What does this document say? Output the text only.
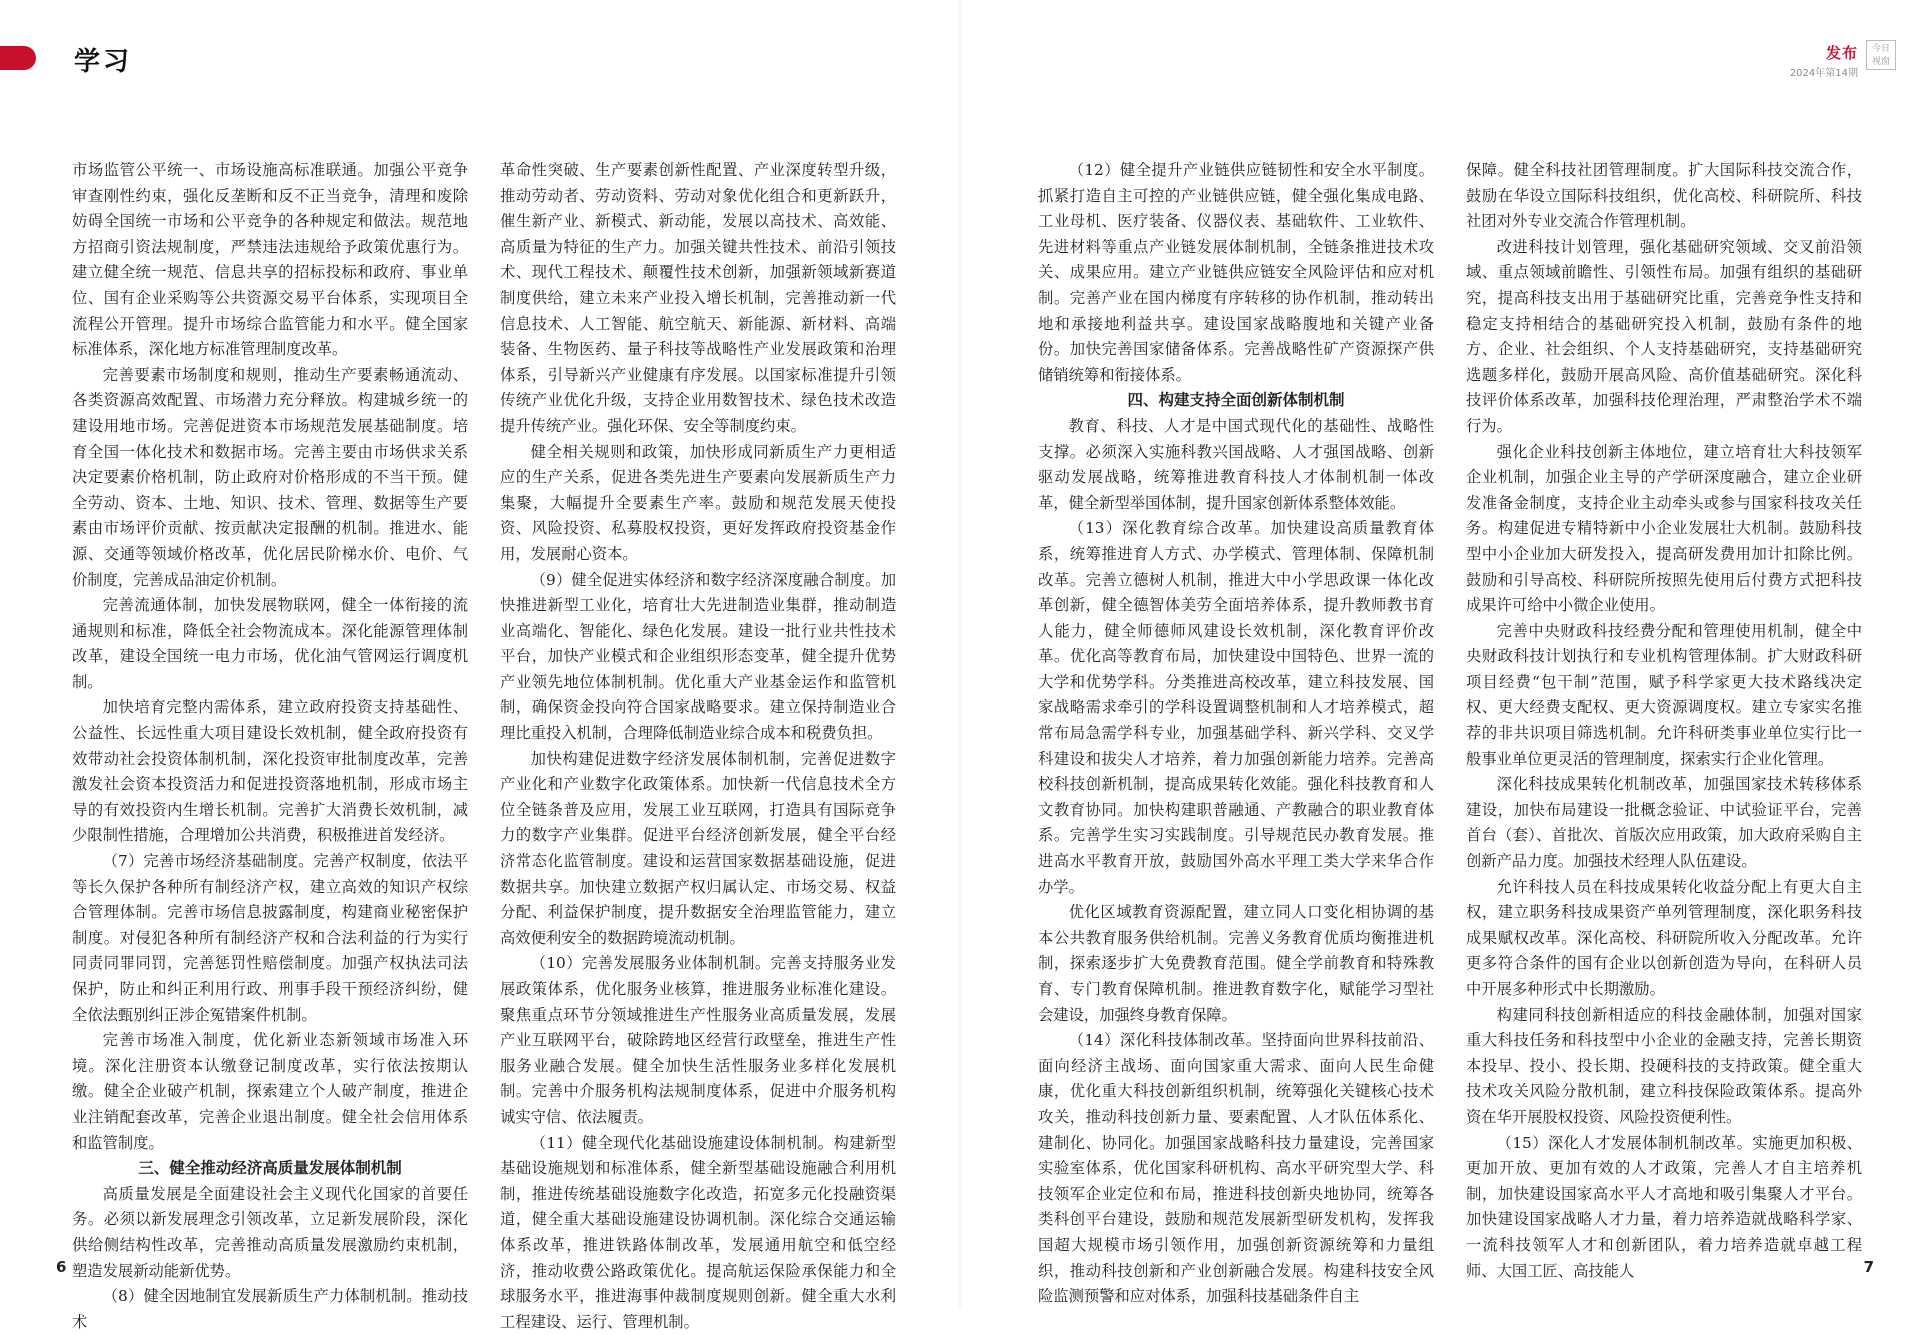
学习	发布
2024年第14期
今日 视窗

市场监管公平统一、市场设施高标准联通。加强公平竞争审查刚性约束，强化反垄断和反不正当竞争，清理和废除妨碍全国统一市场和公平竞争的各种规定和做法。规范地方招商引资法规制度，严禁违法违规给予政策优惠行为。建立健全统一规范、信息共享的招标投标和政府、事业单位、国有企业采购等公共资源交易平台体系，实现项目全流程公开管理。提升市场综合监管能力和水平。健全国家标准体系，深化地方标准管理制度改革。

完善要素市场制度和规则，推动生产要素畅通流动、各类资源高效配置、市场潜力充分释放。构建城乡统一的建设用地市场。完善促进资本市场规范发展基础制度。培育全国一体化技术和数据市场。完善主要由市场供求关系决定要素价格机制，防止政府对价格形成的不当干预。健全劳动、资本、土地、知识、技术、管理、数据等生产要素由市场评价贡献、按贡献决定报酬的机制。推进水、能源、交通等领域价格改革，优化居民阶梯水价、电价、气价制度，完善成品油定价机制。

完善流通体制，加快发展物联网，健全一体衔接的流通规则和标准，降低全社会物流成本。深化能源管理体制改革，建设全国统一电力市场，优化油气管网运行调度机制。

加快培育完整内需体系，建立政府投资支持基础性、公益性、长远性重大项目建设长效机制，健全政府投资有效带动社会投资体制机制，深化投资审批制度改革，完善激发社会资本投资活力和促进投资落地机制，形成市场主导的有效投资内生增长机制。完善扩大消费长效机制，减少限制性措施，合理增加公共消费，积极推进首发经济。

（7）完善市场经济基础制度。完善产权制度，依法平等长久保护各种所有制经济产权，建立高效的知识产权综合管理体制。完善市场信息披露制度，构建商业秘密保护制度。对侵犯各种所有制经济产权和合法利益的行为实行同责同罪同罚，完善惩罚性赔偿制度。加强产权执法司法保护，防止和纠正利用行政、刑事手段干预经济纠纷，健全依法甄别纠正涉企冤错案件机制。

完善市场准入制度，优化新业态新领域市场准入环境。深化注册资本认缴登记制度改革，实行依法按期认缴。健全企业破产机制，探索建立个人破产制度，推进企业注销配套改革，完善企业退出制度。健全社会信用体系和监管制度。

三、健全推动经济高质量发展体制机制

高质量发展是全面建设社会主义现代化国家的首要任务。必须以新发展理念引领改革，立足新发展阶段，深化供给侧结构性改革，完善推动高质量发展激励约束机制，塑造发展新动能新优势。

（8）健全因地制宜发展新质生产力体制机制。推动技术

革命性突破、生产要素创新性配置、产业深度转型升级，推动劳动者、劳动资料、劳动对象优化组合和更新跃升，催生新产业、新模式、新动能，发展以高技术、高效能、高质量为特征的生产力。加强关键共性技术、前沿引领技术、现代工程技术、颠覆性技术创新，加强新领域新赛道制度供给，建立未来产业投入增长机制，完善推动新一代信息技术、人工智能、航空航天、新能源、新材料、高端装备、生物医药、量子科技等战略性产业发展政策和治理体系，引导新兴产业健康有序发展。以国家标准提升引领传统产业优化升级，支持企业用数智技术、绿色技术改造提升传统产业。强化环保、安全等制度约束。

健全相关规则和政策，加快形成同新质生产力更相适应的生产关系，促进各类先进生产要素向发展新质生产力集聚，大幅提升全要素生产率。鼓励和规范发展天使投资、风险投资、私募股权投资，更好发挥政府投资基金作用，发展耐心资本。

（9）健全促进实体经济和数字经济深度融合制度。加快推进新型工业化，培育壮大先进制造业集群，推动制造业高端化、智能化、绿色化发展。建设一批行业共性技术平台，加快产业模式和企业组织形态变革，健全提升优势产业领先地位体制机制。优化重大产业基金运作和监管机制，确保资金投向符合国家战略要求。建立保持制造业合理比重投入机制，合理降低制造业综合成本和税费负担。

加快构建促进数字经济发展体制机制，完善促进数字产业化和产业数字化政策体系。加快新一代信息技术全方位全链条普及应用，发展工业互联网，打造具有国际竞争力的数字产业集群。促进平台经济创新发展，健全平台经济常态化监管制度。建设和运营国家数据基础设施，促进数据共享。加快建立数据产权归属认定、市场交易、权益分配、利益保护制度，提升数据安全治理监管能力，建立高效便利安全的数据跨境流动机制。

（10）完善发展服务业体制机制。完善支持服务业发展政策体系，优化服务业核算，推进服务业标准化建设。聚焦重点环节分领域推进生产性服务业高质量发展，发展产业互联网平台，破除跨地区经营行政壁垒，推进生产性服务业融合发展。健全加快生活性服务业多样化发展机制。完善中介服务机构法规制度体系，促进中介服务机构诚实守信、依法履责。

（11）健全现代化基础设施建设体制机制。构建新型基础设施规划和标准体系，健全新型基础设施融合利用机制，推进传统基础设施数字化改造，拓宽多元化投融资渠道，健全重大基础设施建设协调机制。深化综合交通运输体系改革，推进铁路体制改革，发展通用航空和低空经济，推动收费公路政策优化。提高航运保险承保能力和全球服务水平，推进海事仲裁制度规则创新。健全重大水利工程建设、运行、管理机制。

（12）健全提升产业链供应链韧性和安全水平制度。抓紧打造自主可控的产业链供应链，健全强化集成电路、工业母机、医疗装备、仪器仪表、基础软件、工业软件、先进材料等重点产业链发展体制机制，全链条推进技术攻关、成果应用。建立产业链供应链安全风险评估和应对机制。完善产业在国内梯度有序转移的协作机制，推动转出地和承接地利益共享。建设国家战略腹地和关键产业备份。加快完善国家储备体系。完善战略性矿产资源探产供储销统筹和衔接体系。

四、构建支持全面创新体制机制

教育、科技、人才是中国式现代化的基础性、战略性支撑。必须深入实施科教兴国战略、人才强国战略、创新驱动发展战略，统筹推进教育科技人才体制机制一体改革，健全新型举国体制，提升国家创新体系整体效能。

（13）深化教育综合改革。加快建设高质量教育体系，统筹推进育人方式、办学模式、管理体制、保障机制改革。完善立德树人机制，推进大中小学思政课一体化改革创新，健全德智体美劳全面培养体系，提升教师教书育人能力，健全师德师风建设长效机制，深化教育评价改革。优化高等教育布局，加快建设中国特色、世界一流的大学和优势学科。分类推进高校改革，建立科技发展、国家战略需求牵引的学科设置调整机制和人才培养模式，超常布局急需学科专业，加强基础学科、新兴学科、交叉学科建设和拔尖人才培养，着力加强创新能力培养。完善高校科技创新机制，提高成果转化效能。强化科技教育和人文教育协同。加快构建职普融通、产教融合的职业教育体系。完善学生实习实践制度。引导规范民办教育发展。推进高水平教育开放，鼓励国外高水平理工类大学来华合作办学。

优化区域教育资源配置，建立同人口变化相协调的基本公共教育服务供给机制。完善义务教育优质均衡推进机制，探索逐步扩大免费教育范围。健全学前教育和特殊教育、专门教育保障机制。推进教育数字化，赋能学习型社会建设，加强终身教育保障。

（14）深化科技体制改革。坚持面向世界科技前沿、面向经济主战场、面向国家重大需求、面向人民生命健康，优化重大科技创新组织机制，统筹强化关键核心技术攻关，推动科技创新力量、要素配置、人才队伍体系化、建制化、协同化。加强国家战略科技力量建设，完善国家实验室体系，优化国家科研机构、高水平研究型大学、科技领军企业定位和布局，推进科技创新央地协同，统筹各类科创平台建设，鼓励和规范发展新型研发机构，发挥我国超大规模市场引领作用，加强创新资源统筹和力量组织，推动科技创新和产业创新融合发展。构建科技安全风险监测预警和应对体系，加强科技基础条件自主

保障。健全科技社团管理制度。扩大国际科技交流合作，鼓励在华设立国际科技组织，优化高校、科研院所、科技社团对外专业交流合作管理机制。

改进科技计划管理，强化基础研究领域、交叉前沿领域、重点领域前瞻性、引领性布局。加强有组织的基础研究，提高科技支出用于基础研究比重，完善竞争性支持和稳定支持相结合的基础研究投入机制，鼓励有条件的地方、企业、社会组织、个人支持基础研究，支持基础研究选题多样化，鼓励开展高风险、高价值基础研究。深化科技评价体系改革，加强科技伦理治理，严肃整治学术不端行为。

强化企业科技创新主体地位，建立培育壮大科技领军企业机制，加强企业主导的产学研深度融合，建立企业研发准备金制度，支持企业主动牵头或参与国家科技攻关任务。构建促进专精特新中小企业发展壮大机制。鼓励科技型中小企业加大研发投入，提高研发费用加计扣除比例。鼓励和引导高校、科研院所按照先使用后付费方式把科技成果许可给中小微企业使用。

完善中央财政科技经费分配和管理使用机制，健全中央财政科技计划执行和专业机构管理体制。扩大财政科研项目经费“包干制”范围，赋予科学家更大技术路线决定权、更大经费支配权、更大资源调度权。建立专家实名推荐的非共识项目筛选机制。允许科研类事业单位实行比一般事业单位更灵活的管理制度，探索实行企业化管理。

深化科技成果转化机制改革，加强国家技术转移体系建设，加快布局建设一批概念验证、中试验证平台，完善首台（套）、首批次、首版次应用政策，加大政府采购自主创新产品力度。加强技术经理人队伍建设。

允许科技人员在科技成果转化收益分配上有更大自主权，建立职务科技成果资产单列管理制度，深化职务科技成果赋权改革。深化高校、科研院所收入分配改革。允许更多符合条件的国有企业以创新创造为导向，在科研人员中开展多种形式中长期激励。

构建同科技创新相适应的科技金融体制，加强对国家重大科技任务和科技型中小企业的金融支持，完善长期资本投早、投小、投长期、投硬科技的支持政策。健全重大技术攻关风险分散机制，建立科技保险政策体系。提高外资在华开展股权投资、风险投资便利性。

（15）深化人才发展体制机制改革。实施更加积极、更加开放、更加有效的人才政策，完善人才自主培养机制，加快建设国家高水平人才高地和吸引集聚人才平台。加快建设国家战略人才力量，着力培养造就战略科学家、一流科技领军人才和创新团队，着力培养造就卓越工程师、大国工匠、高技能人

6	7
